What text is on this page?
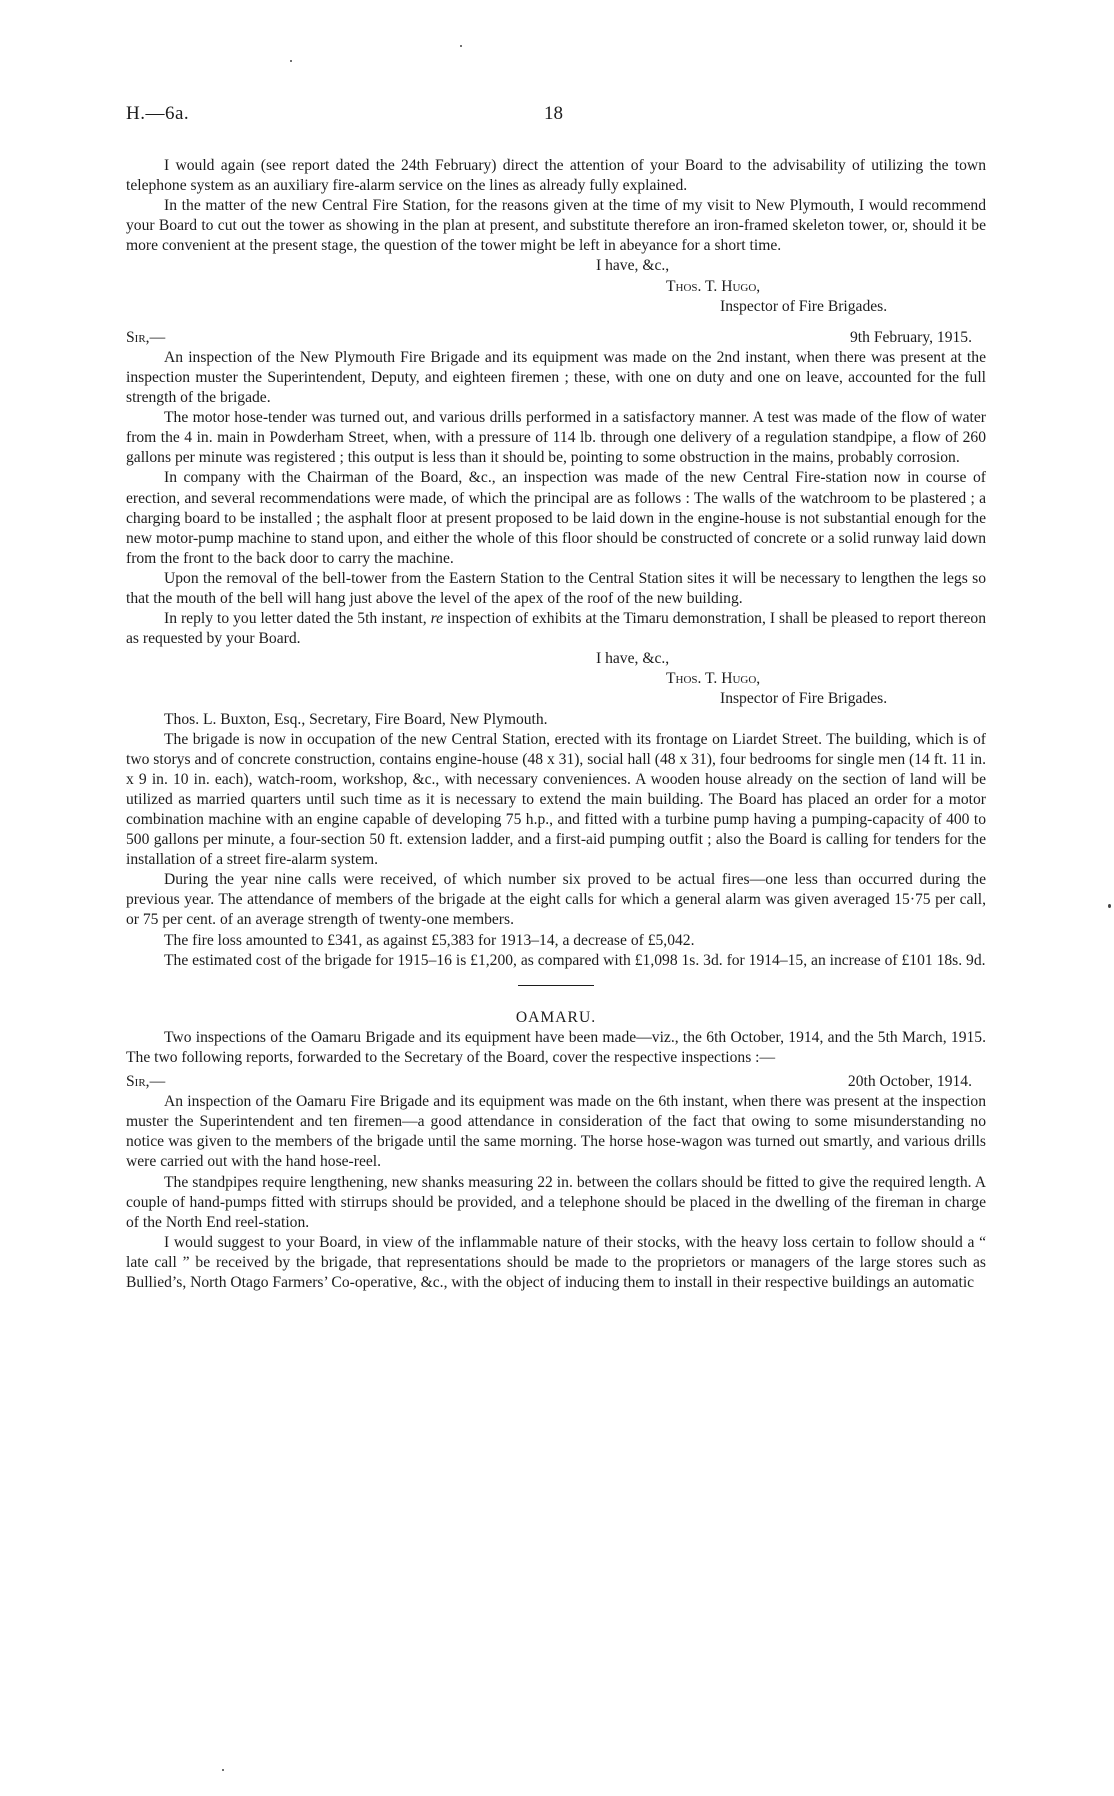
H.—6a.	18

I would again (see report dated the 24th February) direct the attention of your Board to the advisability of utilizing the town telephone system as an auxiliary fire-alarm service on the lines as already fully explained.

In the matter of the new Central Fire Station, for the reasons given at the time of my visit to New Plymouth, I would recommend your Board to cut out the tower as showing in the plan at present, and substitute therefore an iron-framed skeleton tower, or, should it be more convenient at the present stage, the question of the tower might be left in abeyance for a short time.

I have, &c.,

Thos. T. Hugo,

Inspector of Fire Brigades.

Sir,—	9th February, 1915.

An inspection of the New Plymouth Fire Brigade and its equipment was made on the 2nd instant, when there was present at the inspection muster the Superintendent, Deputy, and eighteen firemen ; these, with one on duty and one on leave, accounted for the full strength of the brigade.

The motor hose-tender was turned out, and various drills performed in a satisfactory manner. A test was made of the flow of water from the 4 in. main in Powderham Street, when, with a pressure of 114 lb. through one delivery of a regulation standpipe, a flow of 260 gallons per minute was registered ; this output is less than it should be, pointing to some obstruction in the mains, probably corrosion.

In company with the Chairman of the Board, &c., an inspection was made of the new Central Fire-station now in course of erection, and several recommendations were made, of which the principal are as follows : The walls of the watchroom to be plastered ; a charging board to be installed ; the asphalt floor at present proposed to be laid down in the engine-house is not substantial enough for the new motor-pump machine to stand upon, and either the whole of this floor should be constructed of concrete or a solid runway laid down from the front to the back door to carry the machine.

Upon the removal of the bell-tower from the Eastern Station to the Central Station sites it will be necessary to lengthen the legs so that the mouth of the bell will hang just above the level of the apex of the roof of the new building.

In reply to you letter dated the 5th instant, re inspection of exhibits at the Timaru demonstration, I shall be pleased to report thereon as requested by your Board.

I have, &c.,

Thos. T. Hugo,

Inspector of Fire Brigades.

Thos. L. Buxton, Esq., Secretary, Fire Board, New Plymouth.

The brigade is now in occupation of the new Central Station, erected with its frontage on Liardet Street. The building, which is of two storys and of concrete construction, contains engine-house (48 x 31), social hall (48 x 31), four bedrooms for single men (14 ft. 11 in. x 9 in. 10 in. each), watch-room, workshop, &c., with necessary conveniences. A wooden house already on the section of land will be utilized as married quarters until such time as it is necessary to extend the main building. The Board has placed an order for a motor combination machine with an engine capable of developing 75 h.p., and fitted with a turbine pump having a pumping-capacity of 400 to 500 gallons per minute, a four-section 50 ft. extension ladder, and a first-aid pumping outfit ; also the Board is calling for tenders for the installation of a street fire-alarm system.

During the year nine calls were received, of which number six proved to be actual fires—one less than occurred during the previous year. The attendance of members of the brigade at the eight calls for which a general alarm was given averaged 15·75 per call, or 75 per cent. of an average strength of twenty-one members.

The fire loss amounted to £341, as against £5,383 for 1913–14, a decrease of £5,042.

The estimated cost of the brigade for 1915–16 is £1,200, as compared with £1,098 1s. 3d. for 1914–15, an increase of £101 18s. 9d.

OAMARU.

Two inspections of the Oamaru Brigade and its equipment have been made—viz., the 6th October, 1914, and the 5th March, 1915. The two following reports, forwarded to the Secretary of the Board, cover the respective inspections :—

Sir,—	20th October, 1914.

An inspection of the Oamaru Fire Brigade and its equipment was made on the 6th instant, when there was present at the inspection muster the Superintendent and ten firemen—a good attendance in consideration of the fact that owing to some misunderstanding no notice was given to the members of the brigade until the same morning. The horse hose-wagon was turned out smartly, and various drills were carried out with the hand hose-reel.

The standpipes require lengthening, new shanks measuring 22 in. between the collars should be fitted to give the required length. A couple of hand-pumps fitted with stirrups should be provided, and a telephone should be placed in the dwelling of the fireman in charge of the North End reel-station.

I would suggest to your Board, in view of the inflammable nature of their stocks, with the heavy loss certain to follow should a “ late call ” be received by the brigade, that representations should be made to the proprietors or managers of the large stores such as Bullied’s, North Otago Farmers’ Co-operative, &c., with the object of inducing them to install in their respective buildings an automatic
